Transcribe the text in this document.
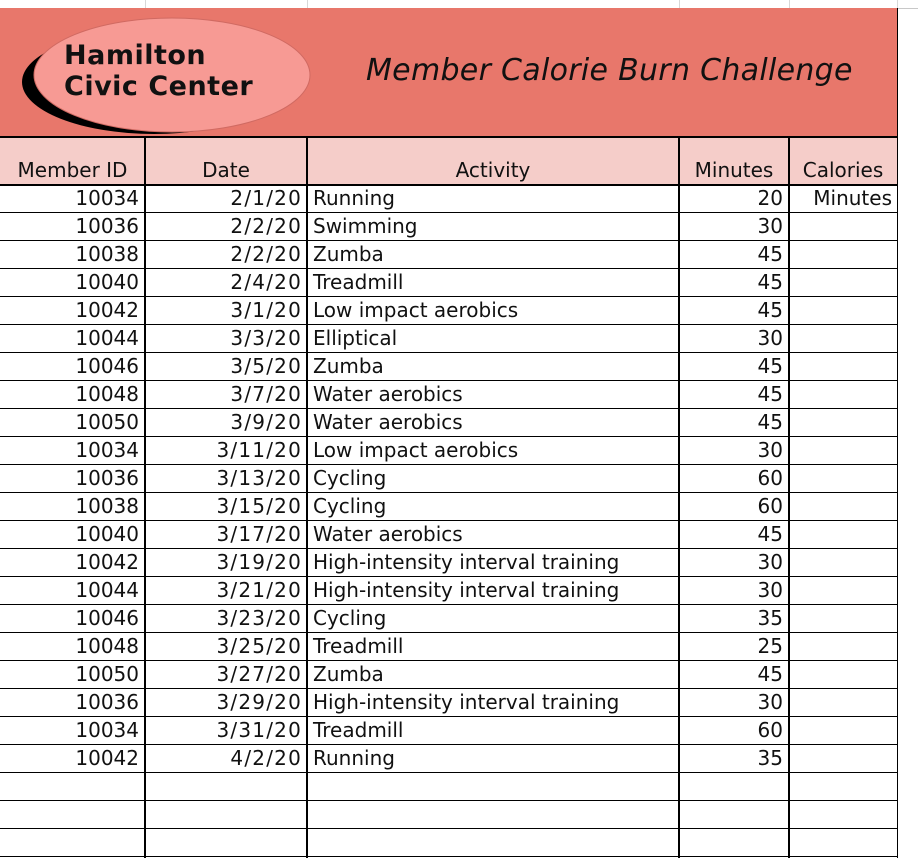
Hamilton
Civic Center	Member Calorie Burn Challenge
Member ID	Date	Activity	Minutes	Calories
10034	2/1/20 Running	20	Minutes
10036	2/2/20 Swimming	30
10038	2/2/20 Zumba	45
10040	2/4/20 Treadmill	45
10042	3/1/20 Low impact aerobics	45
10044	3/3/20 Elliptical	30
10046	3/5/20 Zumba	45
10048	3/7/20 Water aerobics	45
10050	3/9/20 Water aerobics	45
10034	3/11/20 Low impact aerobics	30
10036	3/13/20 Cycling	60
10038	3/15/20 Cycling	60
10040	3/17/20 Water aerobics	45
10042	3/19/20 High-intensity interval training	30
10044	3/21/20 High-intensity interval training	30
10046	3/23/20 Cycling	35
10048	3/25/20 Treadmill	25
10050	3/27/20 Zumba	45
10036	3/29/20 High-intensity interval training	30
10034	3/31/20 Treadmill	60
10042	4/2/20 Running	35
